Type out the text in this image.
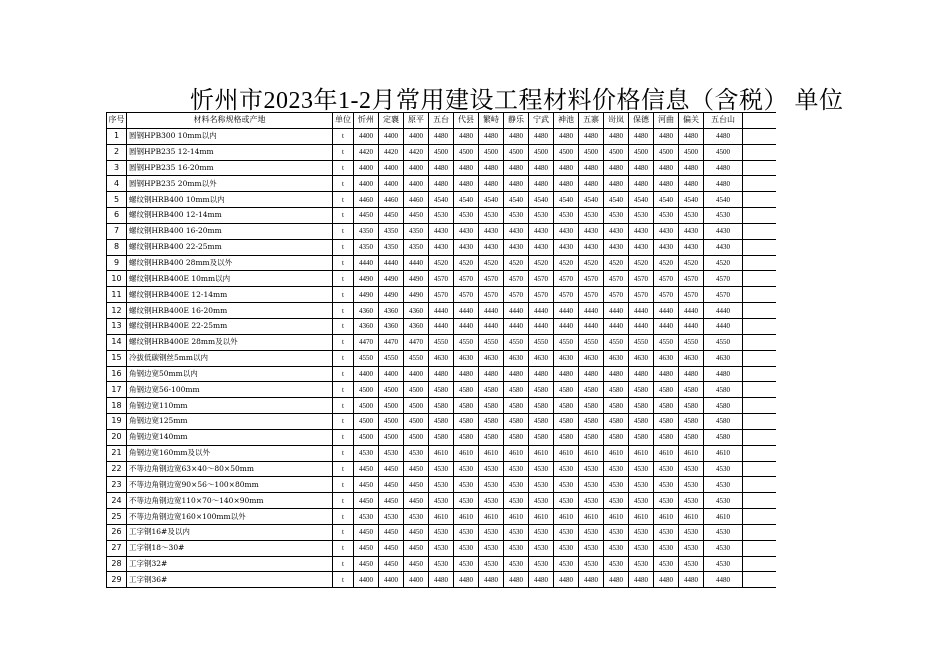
忻州市2023年1-2月常用建设工程材料价格信息（含税） 单位
序号	材料名称规格或产地	单位	忻州	定襄	原平	五台	代县	繁峙	静乐	宁武	神池	五寨	岢岚	保德	河曲	偏关	五台山	
1	圆钢HPB300 10mm以内	t	4400	4400	4400	4480	4480	4480	4480	4480	4480	4480	4480	4480	4480	4480	4480	
2	圆钢HPB235 12-14mm	t	4420	4420	4420	4500	4500	4500	4500	4500	4500	4500	4500	4500	4500	4500	4500	
3	圆钢HPB235 16-20mm	t	4400	4400	4400	4480	4480	4480	4480	4480	4480	4480	4480	4480	4480	4480	4480	
4	圆钢HPB235 20mm以外	t	4400	4400	4400	4480	4480	4480	4480	4480	4480	4480	4480	4480	4480	4480	4480	
5	螺纹钢HRB400 10mm以内	t	4460	4460	4460	4540	4540	4540	4540	4540	4540	4540	4540	4540	4540	4540	4540	
6	螺纹钢HRB400 12-14mm	t	4450	4450	4450	4530	4530	4530	4530	4530	4530	4530	4530	4530	4530	4530	4530	
7	螺纹钢HRB400 16-20mm	t	4350	4350	4350	4430	4430	4430	4430	4430	4430	4430	4430	4430	4430	4430	4430	
8	螺纹钢HRB400 22-25mm	t	4350	4350	4350	4430	4430	4430	4430	4430	4430	4430	4430	4430	4430	4430	4430	
9	螺纹钢HRB400 28mm及以外	t	4440	4440	4440	4520	4520	4520	4520	4520	4520	4520	4520	4520	4520	4520	4520	
10	螺纹钢HRB400E 10mm以内	t	4490	4490	4490	4570	4570	4570	4570	4570	4570	4570	4570	4570	4570	4570	4570	
11	螺纹钢HRB400E 12-14mm	t	4490	4490	4490	4570	4570	4570	4570	4570	4570	4570	4570	4570	4570	4570	4570	
12	螺纹钢HRB400E 16-20mm	t	4360	4360	4360	4440	4440	4440	4440	4440	4440	4440	4440	4440	4440	4440	4440	
13	螺纹钢HRB400E 22-25mm	t	4360	4360	4360	4440	4440	4440	4440	4440	4440	4440	4440	4440	4440	4440	4440	
14	螺纹钢HRB400E 28mm及以外	t	4470	4470	4470	4550	4550	4550	4550	4550	4550	4550	4550	4550	4550	4550	4550	
15	冷拔低碳钢丝5mm以内	t	4550	4550	4550	4630	4630	4630	4630	4630	4630	4630	4630	4630	4630	4630	4630	
16	角钢边宽50mm以内	t	4400	4400	4400	4480	4480	4480	4480	4480	4480	4480	4480	4480	4480	4480	4480	
17	角钢边宽56-100mm	t	4500	4500	4500	4580	4580	4580	4580	4580	4580	4580	4580	4580	4580	4580	4580	
18	角钢边宽110mm	t	4500	4500	4500	4580	4580	4580	4580	4580	4580	4580	4580	4580	4580	4580	4580	
19	角钢边宽125mm	t	4500	4500	4500	4580	4580	4580	4580	4580	4580	4580	4580	4580	4580	4580	4580	
20	角钢边宽140mm	t	4500	4500	4500	4580	4580	4580	4580	4580	4580	4580	4580	4580	4580	4580	4580	
21	角钢边宽160mm及以外	t	4530	4530	4530	4610	4610	4610	4610	4610	4610	4610	4610	4610	4610	4610	4610	
22	不等边角钢边宽63×40～80×50mm	t	4450	4450	4450	4530	4530	4530	4530	4530	4530	4530	4530	4530	4530	4530	4530	
23	不等边角钢边宽90×56～100×80mm	t	4450	4450	4450	4530	4530	4530	4530	4530	4530	4530	4530	4530	4530	4530	4530	
24	不等边角钢边宽110×70～140×90mm	t	4450	4450	4450	4530	4530	4530	4530	4530	4530	4530	4530	4530	4530	4530	4530	
25	不等边角钢边宽160×100mm以外	t	4530	4530	4530	4610	4610	4610	4610	4610	4610	4610	4610	4610	4610	4610	4610	
26	工字钢16#及以内	t	4450	4450	4450	4530	4530	4530	4530	4530	4530	4530	4530	4530	4530	4530	4530	
27	工字钢18～30#	t	4450	4450	4450	4530	4530	4530	4530	4530	4530	4530	4530	4530	4530	4530	4530	
28	工字钢32#	t	4450	4450	4450	4530	4530	4530	4530	4530	4530	4530	4530	4530	4530	4530	4530	
29	工字钢36#	t	4400	4400	4400	4480	4480	4480	4480	4480	4480	4480	4480	4480	4480	4480	4480	
